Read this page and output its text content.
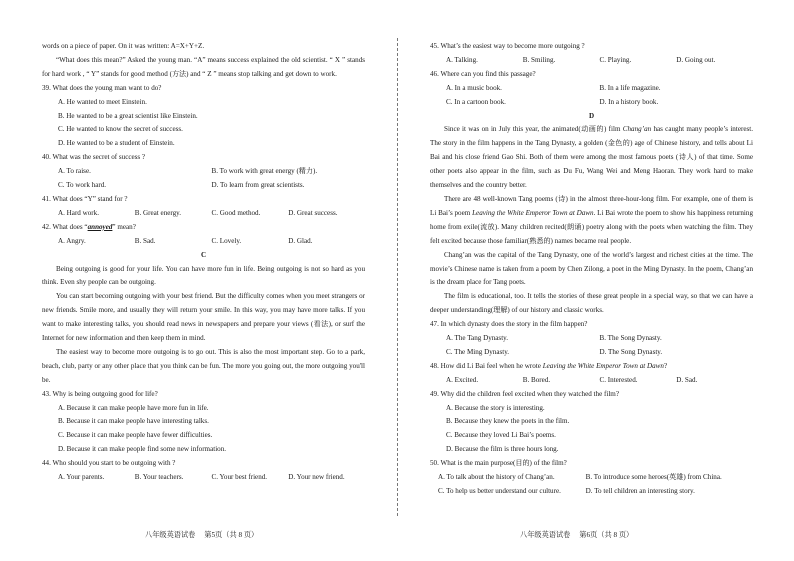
words on a piece of paper. On it was written: A=X+Y+Z.

“What does this mean?” Asked the young man. “A” means success explained the old scientist. “ X ” stands for hard work , “ Y” stands for good method (方法) and “ Z ” means stop talking and get down to work.

39. What does the young man want to do?

A. He wanted to meet Einstein.

B. He wanted to be a great scientist like Einstein.

C. He wanted to know the secret of success.

D. He wanted to be a student of Einstein.

40. What was the secret of success ?

A. To raise.	B. To work with great energy (精力).
C. To work hard.	D. To learn from great scientists.

41. What does “Y” stand for ?

A. Hard work.	B. Great energy.	C. Good method.	D. Great success.

42. What does “annoyed” mean?

A. Angry.	B. Sad.	C. Lovely.	D. Glad.

C

Being outgoing is good for your life. You can have more fun in life. Being outgoing is not so hard as you think. Even shy people can be outgoing.

You can start becoming outgoing with your best friend. But the difficulty comes when you meet strangers or new friends. Smile more, and usually they will return your smile. In this way, you may have more talks. If you want to make interesting talks, you should read news in newspapers and prepare your views (看法), or surf the Internet for new information and then keep them in mind.

The easiest way to become more outgoing is to go out. This is also the most important step. Go to a park, beach, club, party or any other place that you think can be fun. The more you going out, the more outgoing you'll be.

43. Why is being outgoing good for life?

A. Because it can make people have more fun in life.

B. Because it can make people have interesting talks.

C. Because it can make people have fewer difficulties.

D. Because it can make people find some new information.

44. Who should you start to be outgoing with ?

A. Your parents.	B. Your teachers.	C. Your best friend.	D. Your new friend.

45. What’s the easiest way to become more outgoing ?

A. Talking.	B. Smiling.	C. Playing.	D. Going out.

46. Where can you find this passage?

A. In a music book.	B. In a life magazine.
C. In a cartoon book.	D. In a history book.

D

Since it was on in July this year, the animated(动画的) film Chang’an has caught many people’s interest. The story in the film happens in the Tang Dynasty, a golden (金色的) age of Chinese history, and tells about Li Bai and his close friend Gao Shi. Both of them were among the most famous poets (诗人) of that time. Some other poets also appear in the film, such as Du Fu, Wang Wei and Meng Haoran. They work hard to make themselves and the country better.

There are 48 well-known Tang poems (诗) in the almost three-hour-long film. For example, one of them is Li Bai’s poem Leaving the White Emperor Town at Dawn. Li Bai wrote the poem to show his happiness returning home from exile(流放). Many children recited(朗诵) poetry along with the poets when watching the film. They felt excited because those familiar(熟悉的) names became real people.

Chang’an was the capital of the Tang Dynasty, one of the world’s largest and richest cities at the time. The movie’s Chinese name is taken from a poem by Chen Zilong, a poet in the Ming Dynasty. In the poem, Chang’an is the dream place for Tang poets.

The film is educational, too. It tells the stories of these great people in a special way, so that we can have a deeper understanding(理解) of our history and classic works.

47. In which dynasty does the story in the film happen?

A. The Tang Dynasty.	B. The Song Dynasty.
C. The Ming Dynasty.	D. The Song Dynasty.

48. How did Li Bai feel when he wrote Leaving the White Emperor Town at Dawn?

A. Excited.	B. Bored.	C. Interested.	D. Sad.

49. Why did the children feel excited when they watched the film?

A. Because the story is interesting.

B. Because they knew the poets in the film.

C. Because they loved Li Bai’s poems.

D. Because the film is three hours long.

50. What is the main purpose(目的) of the film?

A. To talk about the history of Chang’an.	B. To introduce some heroes(英雄) from China.
C. To help us better understand our culture.	D. To tell children an interesting story.
八年级英语试卷　 第5页（共 8 页）	八年级英语试卷　 第6页（共 8 页）
